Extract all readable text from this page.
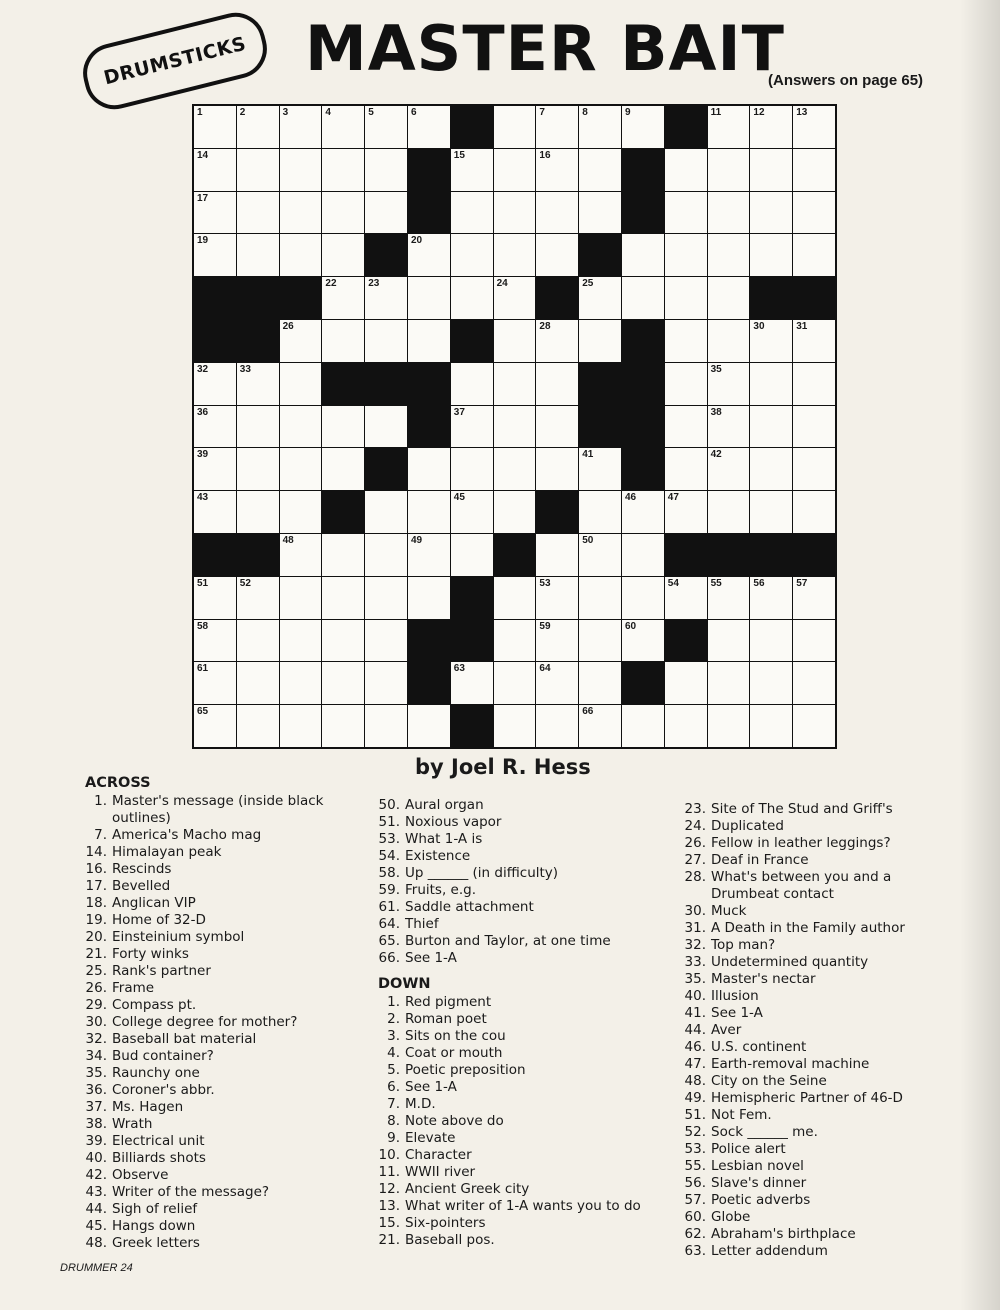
DRUMSTICKS MASTER BAIT
(Answers on page 65)
1	2	3	4	5	6	7	8	9	11	12	13
14	15	16
17
19	20
22	23	24	25
26	28	30	31
32	33	35
36	37	38
39	41	42
43	45	46	47
48	49	50
51	52	53	54	55	56	57
58	59	60
61	63	64
65	66
by Joel R. Hess
ACROSS
1. Master's message (inside black outlines)
7. America's Macho mag
14. Himalayan peak
16. Rescinds
17. Bevelled
18. Anglican VIP
19. Home of 32-D
20. Einsteinium symbol
21. Forty winks
25. Rank's partner
26. Frame
29. Compass pt.
30. College degree for mother?
32. Baseball bat material
34. Bud container?
35. Raunchy one
36. Coroner's abbr.
37. Ms. Hagen
38. Wrath
39. Electrical unit
40. Billiards shots
42. Observe
43. Writer of the message?
44. Sigh of relief
45. Hangs down
48. Greek letters
50. Aural organ
51. Noxious vapor
53. What 1-A is
54. Existence
58. Up ______ (in difficulty)
59. Fruits, e.g.
61. Saddle attachment
64. Thief
65. Burton and Taylor, at one time
66. See 1-A
DOWN
1. Red pigment
2. Roman poet
3. Sits on the cou
4. Coat or mouth
5. Poetic preposition
6. See 1-A
7. M.D.
8. Note above do
9. Elevate
10. Character
11. WWII river
12. Ancient Greek city
13. What writer of 1-A wants you to do
15. Six-pointers
21. Baseball pos.
23. Site of The Stud and Griff's
24. Duplicated
26. Fellow in leather leggings?
27. Deaf in France
28. What's between you and a Drumbeat contact
30. Muck
31. A Death in the Family author
32. Top man?
33. Undetermined quantity
35. Master's nectar
40. Illusion
41. See 1-A
44. Aver
46. U.S. continent
47. Earth-removal machine
48. City on the Seine
49. Hemispheric Partner of 46-D
51. Not Fem.
52. Sock ______ me.
53. Police alert
55. Lesbian novel
56. Slave's dinner
57. Poetic adverbs
60. Globe
62. Abraham's birthplace
63. Letter addendum
DRUMMER 24
